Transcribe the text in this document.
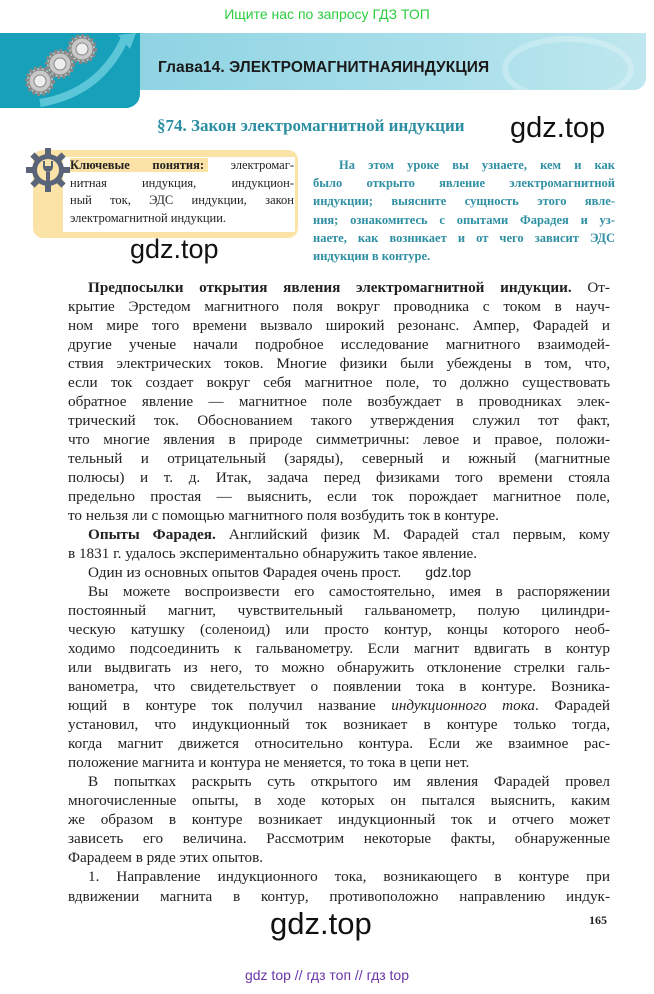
Ищите нас по запросу ГДЗ ТОП
Глава14. ЭЛЕКТРОМАГНИТНАЯИНДУКЦИЯ
§74. Закон электромагнитной индукции gdz.top
Ключевые понятия: электромаг-
нитная индукция, индукцион-
ный ток, ЭДС индукции, закон
электромагнитной индукции.
На этом уроке вы узнаете, кем и как
было открыто явление электромагнитной
индукции; выясните сущность этого явле-
ния; ознакомитесь с опытами Фарадея и уз-
наете, как возникает и от чего зависит ЭДС
индукции в контуре.
gdz.top
Предпосылки открытия явления электромагнитной индукции. От-
крытие Эрстедом магнитного поля вокруг проводника с током в науч-
ном мире того времени вызвало широкий резонанс. Ампер, Фарадей и
другие ученые начали подробное исследование магнитного взаимодей-
ствия электрических токов. Многие физики были убеждены в том, что,
если ток создает вокруг себя магнитное поле, то должно существовать
обратное явление — магнитное поле возбуждает в проводниках элек-
трический ток. Обоснованием такого утверждения служил тот факт,
что многие явления в природе симметричны: левое и правое, положи-
тельный и отрицательный (заряды), северный и южный (магнитные
полюсы) и т. д. Итак, задача перед физиками того времени стояла
предельно простая — выяснить, если ток порождает магнитное поле,
то нельзя ли с помощью магнитного поля возбудить ток в контуре.
Опыты Фарадея. Английский физик М. Фарадей стал первым, кому
в 1831 г. удалось экспериментально обнаружить такое явление.
Один из основных опытов Фарадея очень прост. gdz.top
Вы можете воспроизвести его самостоятельно, имея в распоряжении
постоянный магнит, чувствительный гальванометр, полую цилиндри-
ческую катушку (соленоид) или просто контур, концы которого необ-
ходимо подсоединить к гальванометру. Если магнит вдвигать в контур
или выдвигать из него, то можно обнаружить отклонение стрелки галь-
ванометра, что свидетельствует о появлении тока в контуре. Возника-
ющий в контуре ток получил название индукционного тока. Фарадей
установил, что индукционный ток возникает в контуре только тогда,
когда магнит движется относительно контура. Если же взаимное рас-
положение магнита и контура не меняется, то тока в цепи нет.
В попытках раскрыть суть открытого им явления Фарадей провел
многочисленные опыты, в ходе которых он пытался выяснить, каким
же образом в контуре возникает индукционный ток и отчего может
зависеть его величина. Рассмотрим некоторые факты, обнаруженные
Фарадеем в ряде этих опытов.
1. Направление индукционного тока, возникающего в контуре при
вдвижении магнита в контур, противоположно направлению индук-
gdz.top	165
gdz top // гдз топ // гдз top
